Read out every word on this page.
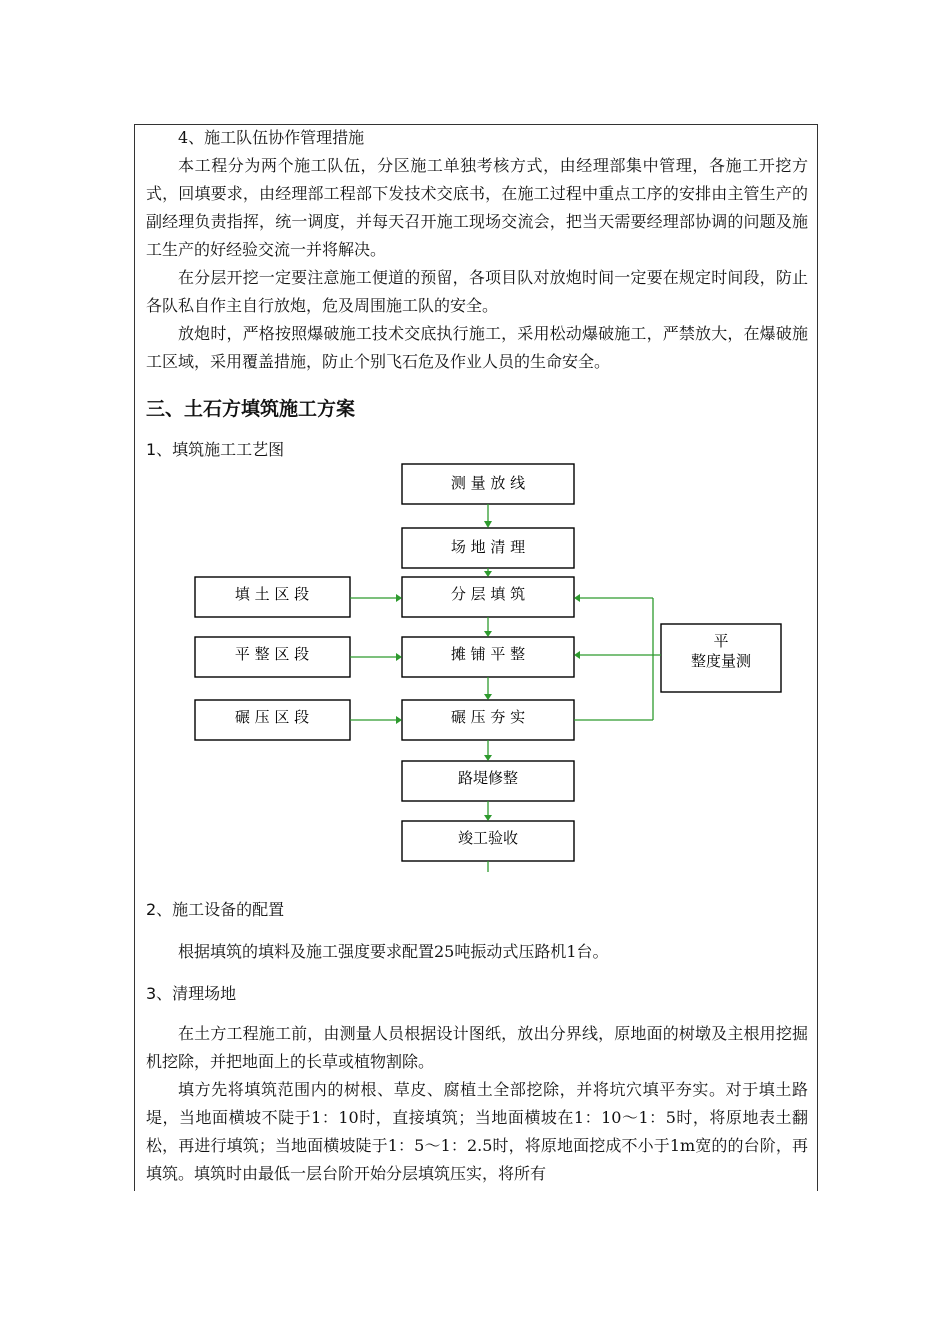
4、施工队伍协作管理措施

本工程分为两个施工队伍，分区施工单独考核方式，由经理部集中管理，各施工开挖方式，回填要求，由经理部工程部下发技术交底书，在施工过程中重点工序的安排由主管生产的副经理负责指挥，统一调度，并每天召开施工现场交流会，把当天需要经理部协调的问题及施工生产的好经验交流一并将解决。

在分层开挖一定要注意施工便道的预留，各项目队对放炮时间一定要在规定时间段，防止各队私自作主自行放炮，危及周围施工队的安全。

放炮时，严格按照爆破施工技术交底执行施工，采用松动爆破施工，严禁放大，在爆破施工区域，采用覆盖措施，防止个别飞石危及作业人员的生命安全。

三、土石方填筑施工方案

1、填筑施工工艺图

测 量 放 线
场 地 清 理
分 层 填 筑
摊 铺 平 整
碾 压 夯 实
路堤修整
竣工验收
填 土 区 段
平 整 区 段
碾 压 区 段
平
整度量测

2、施工设备的配置

根据填筑的填料及施工强度要求配置25吨振动式压路机1台。

3、清理场地

在土方工程施工前，由测量人员根据设计图纸，放出分界线，原地面的树墩及主根用挖掘机挖除，并把地面上的长草或植物割除。

填方先将填筑范围内的树根、草皮、腐植土全部挖除，并将坑穴填平夯实。对于填土路堤，当地面横坡不陡于1：10时，直接填筑；当地面横坡在1：10～1：5时，将原地表土翻松，再进行填筑；当地面横坡陡于1：5～1：2.5时，将原地面挖成不小于1m宽的的台阶，再填筑。填筑时由最低一层台阶开始分层填筑压实，将所有
